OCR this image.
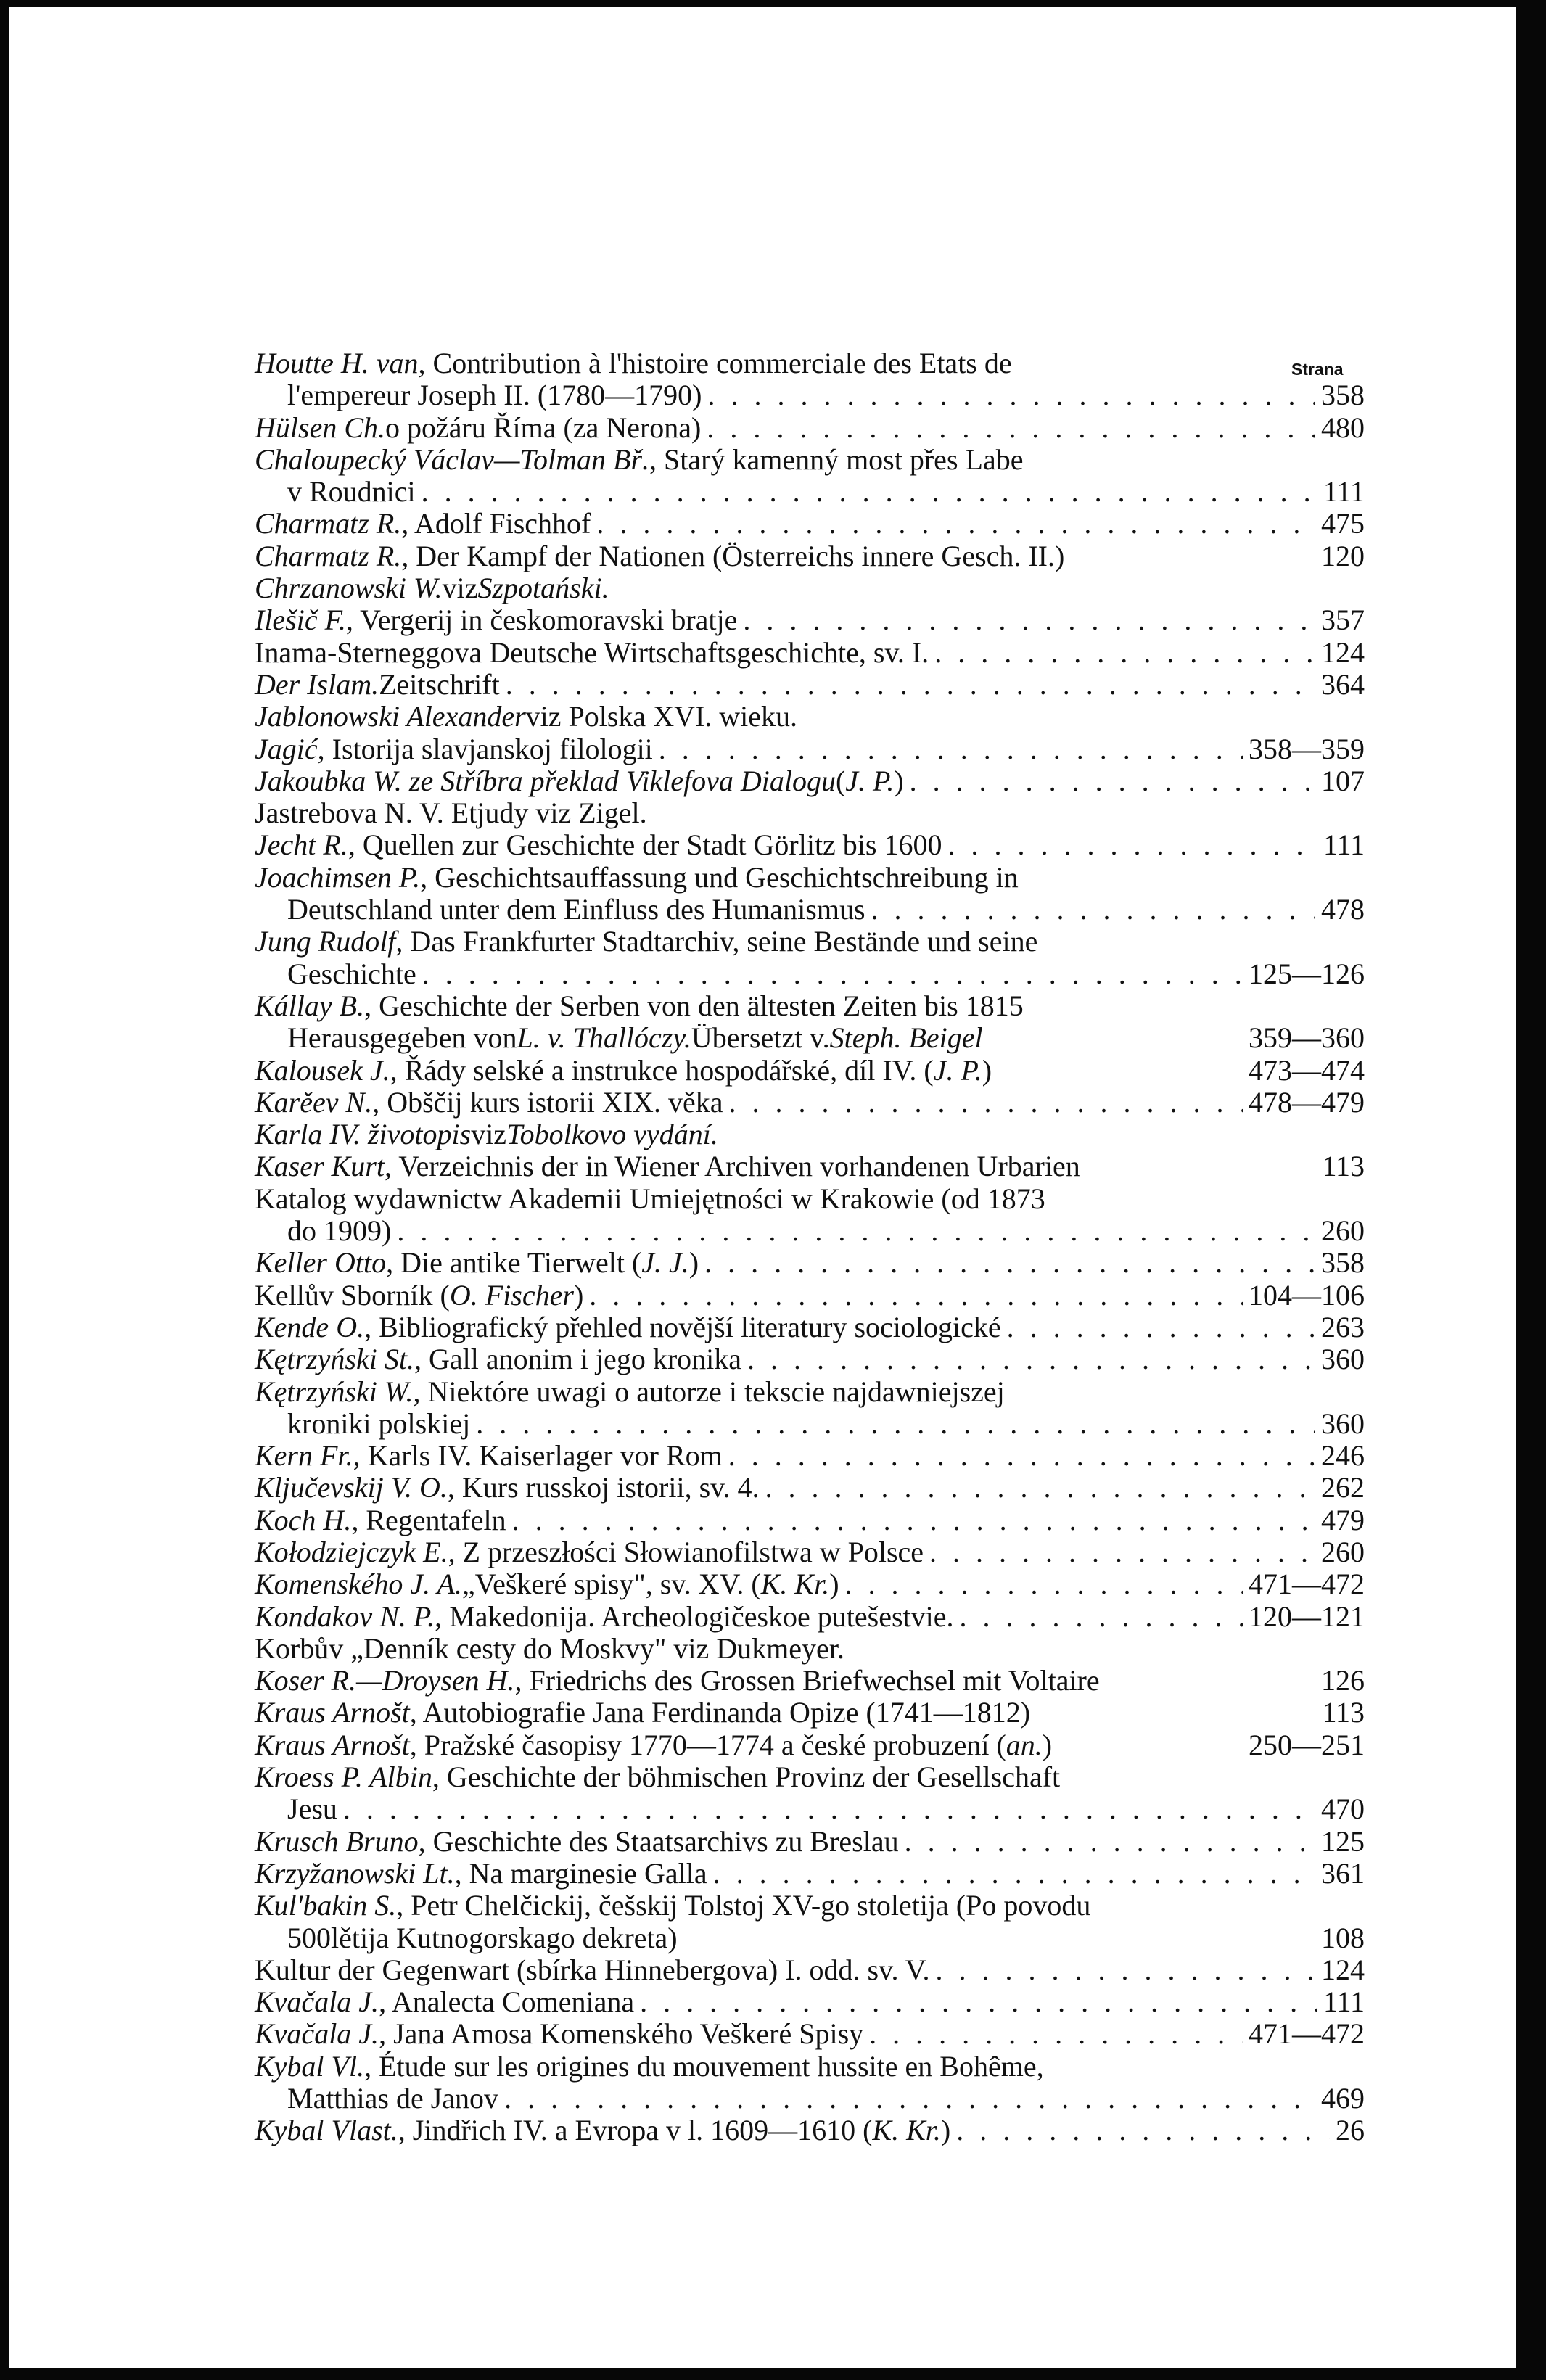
Strana
Houtte H. van , Contribution à l'histoire commerciale des Etats de
l'empereur Joseph II. (1780—1790) . . .	358
Hülsen Ch. o požáru Říma (za Nerona) . . .	480
Chaloupecký Václav—Tolman Bř. , Starý kamenný most přes Labe
v Roudnici . . .	111
Charmatz R. , Adolf Fischhof . . .	475
Charmatz R. , Der Kampf der Nationen (Österreichs innere Gesch. II.)	120
Chrzanowski W. viz Szpotański.
Ilešič F. , Vergerij in českomoravski bratje . . .	357
Inama-Sterneggova Deutsche Wirtschaftsgeschichte, sv. I. . . .	124
Der Islam. Zeitschrift . . .	364
Jablonowski Alexander viz Polska XVI. wieku.
Jagić , Istorija slavjanskoj filologii . . .	358—359
Jakoubka W. ze Stříbra překlad Viklefova Dialogu ( J. P. ) . . .	107
Jastrebova N. V. Etjudy viz Zigel.
Jecht R. , Quellen zur Geschichte der Stadt Görlitz bis 1600 . . .	111
Joachimsen P. , Geschichtsauffassung und Geschichtschreibung in
Deutschland unter dem Einfluss des Humanismus . . .	478
Jung Rudolf , Das Frankfurter Stadtarchiv, seine Bestände und seine
Geschichte . . .	125—126
Kállay B. , Geschichte der Serben von den ältesten Zeiten bis 1815
Herausgegeben von L. v. Thallóczy. Übersetzt v. Steph. Beigel	359—360
Kalousek J. , Řády selské a instrukce hospodářské, díl IV. ( J. P. )	473—474
Karěev N. , Obščij kurs istorii XIX. věka . . .	478—479
Karla IV. životopis viz Tobolkovo vydání.
Kaser Kurt , Verzeichnis der in Wiener Archiven vorhandenen Urbarien	113
Katalog wydawnictw Akademii Umiejętności w Krakowie (od 1873
do 1909) . . .	260
Keller Otto , Die antike Tierwelt ( J. J. ) . . .	358
Kellův Sborník ( O. Fischer ) . . .	104—106
Kende O. , Bibliografický přehled novější literatury sociologické . . .	263
Kętrzyński St. , Gall anonim i jego kronika . . .	360
Kętrzyński W. , Niektóre uwagi o autorze i tekscie najdawniejszej
kroniki polskiej . . .	360
Kern Fr. , Karls IV. Kaiserlager vor Rom . . .	246
Ključevskij V. O. , Kurs russkoj istorii, sv. 4. . . .	262
Koch H. , Regentafeln . . .	479
Kołodziejczyk E. , Z przeszłości Słowianofilstwa w Polsce . . .	260
Komenského J. A. „Veškeré spisy", sv. XV. ( K. Kr. ) . . .	471—472
Kondakov N. P. , Makedonija. Archeologičeskoe putešestvie. . . .	120—121
Korbův „Denník cesty do Moskvy" viz Dukmeyer.
Koser R.—Droysen H. , Friedrichs des Grossen Briefwechsel mit Voltaire	126
Kraus Arnošt , Autobiografie Jana Ferdinanda Opize (1741—1812)	113
Kraus Arnošt , Pražské časopisy 1770—1774 a české probuzení ( an. )	250—251
Kroess P. Albin , Geschichte der böhmischen Provinz der Gesellschaft
Jesu . . .	470
Krusch Bruno , Geschichte des Staatsarchivs zu Breslau . . .	125
Krzyžanowski Lt. , Na marginesie Galla . . .	361
Kul'bakin S. , Petr Chelčickij, češskij Tolstoj XV-go stoletija (Po povodu
500lětija Kutnogorskago dekreta)	108
Kultur der Gegenwart (sbírka Hinnebergova) I. odd. sv. V. . . .	124
Kvačala J. , Analecta Comeniana . . .	111
Kvačala J. , Jana Amosa Komenského Veškeré Spisy . . .	471—472
Kybal Vl. , Étude sur les origines du mouvement hussite en Bohême,
Matthias de Janov . . .	469
Kybal Vlast. , Jindřich IV. a Evropa v l. 1609—1610 ( K. Kr. ) . . .	26
